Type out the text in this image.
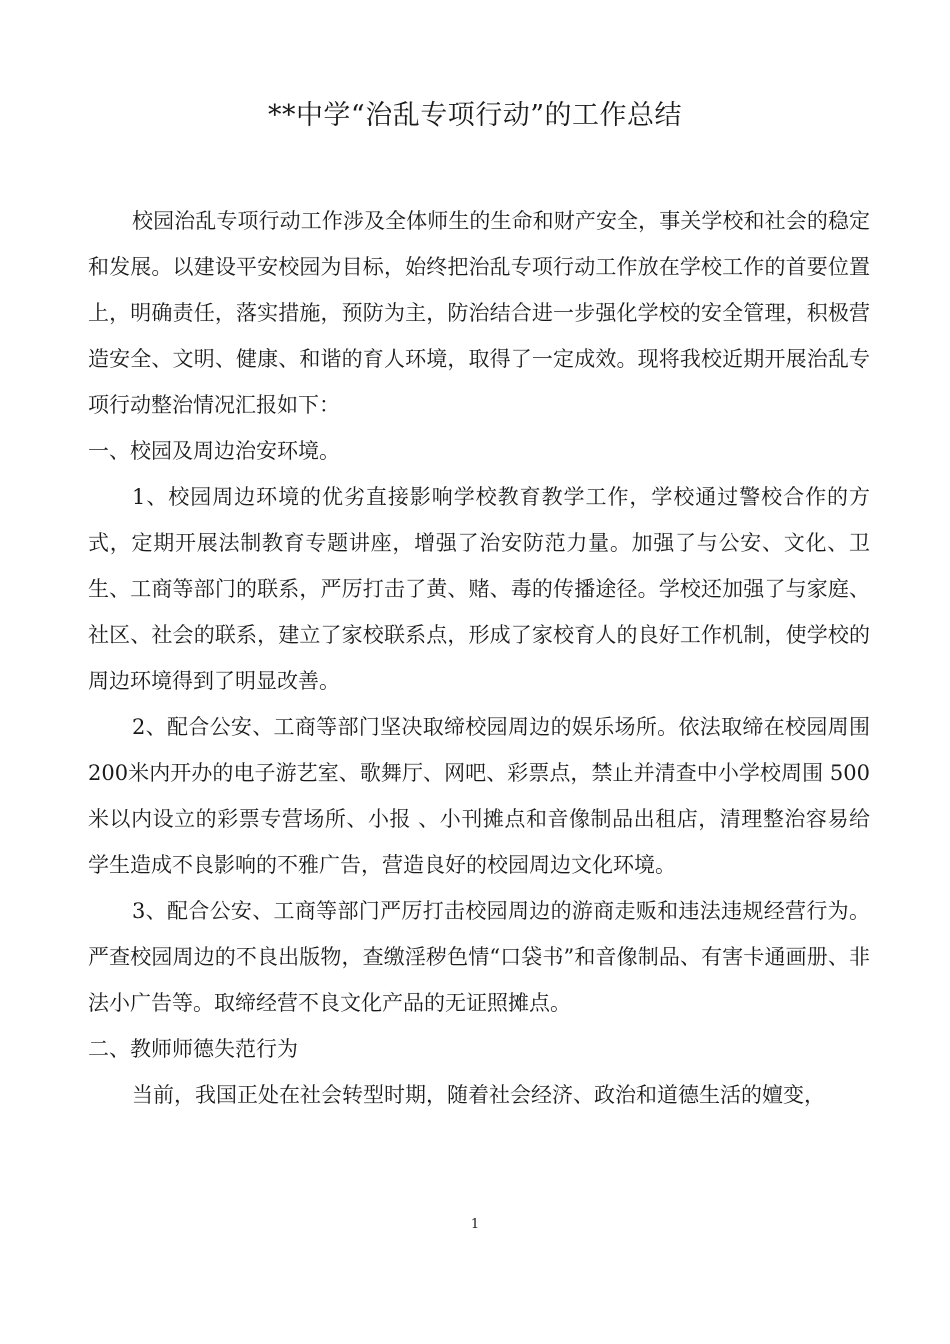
**中学“治乱专项行动”的工作总结

校园治乱专项行动工作涉及全体师生的生命和财产安全，事关学校和社会的稳定和发展。以建设平安校园为目标，始终把治乱专项行动工作放在学校工作的首要位置上，明确责任，落实措施，预防为主，防治结合进一步强化学校的安全管理，积极营造安全、文明、健康、和谐的育人环境，取得了一定成效。现将我校近期开展治乱专项行动整治情况汇报如下：

一、校园及周边治安环境。

1、校园周边环境的优劣直接影响学校教育教学工作，学校通过警校合作的方式，定期开展法制教育专题讲座，增强了治安防范力量。加强了与公安、文化、卫生、工商等部门的联系，严厉打击了黄、赌、毒的传播途径。学校还加强了与家庭、社区、社会的联系，建立了家校联系点，形成了家校育人的良好工作机制，使学校的周边环境得到了明显改善。

2、配合公安、工商等部门坚决取缔校园周边的娱乐场所。依法取缔在校园周围200米内开办的电子游艺室、歌舞厅、网吧、彩票点，禁止并清查中小学校周围 500 米以内设立的彩票专营场所、小报 、小刊摊点和音像制品出租店，清理整治容易给学生造成不良影响的不雅广告，营造良好的校园周边文化环境。

3、配合公安、工商等部门严厉打击校园周边的游商走贩和违法违规经营行为。严查校园周边的不良出版物，查缴淫秽色情“口袋书”和音像制品、有害卡通画册、非法小广告等。取缔经营不良文化产品的无证照摊点。

二、教师师德失范行为

当前，我国正处在社会转型时期，随着社会经济、政治和道德生活的嬗变，

1
